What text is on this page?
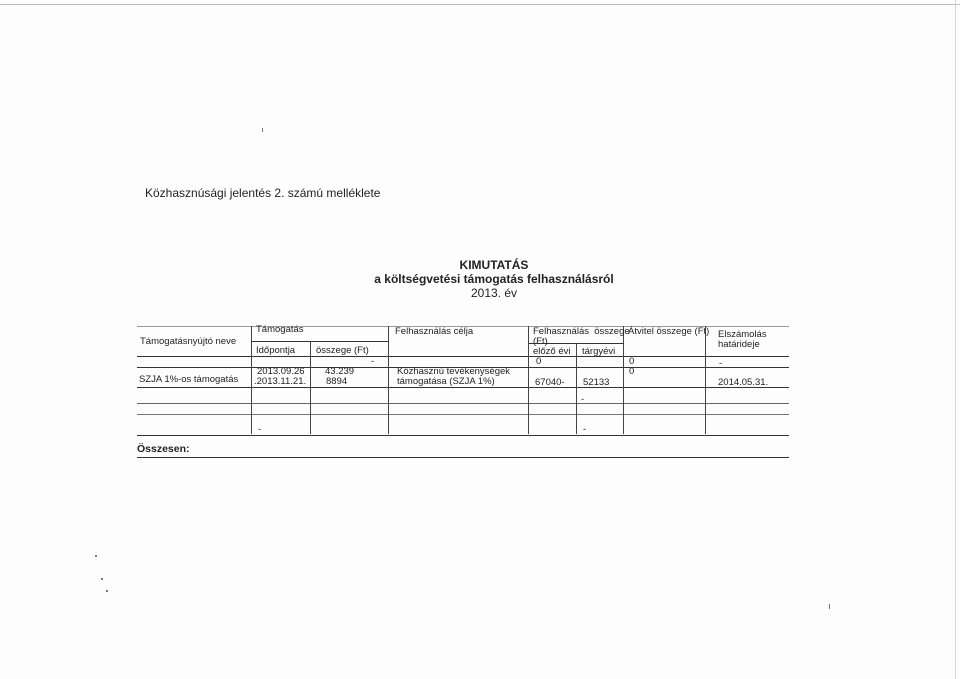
Közhasznúsági jelentés 2. számú melléklete
KIMUTATÁS
a költségvetési támogatás felhasználásról
2013. év
Támogatásnyújtó neve
Támogatás
Időpontja összege (Ft)
Felhasználás célja	Felhasználás  összege
(Ft)
előző évi tárgyévi
Átvitel összege (Ft) Elszámolás
határideje
-
SZJA 1%-os támogatás
2013.09.26
.2013.11.21.
43.239
8894
Közhasznú tevékenységek
támogatása (SZJA 1%)
0
67040- 52133
0
0
-
2014.05.31.
-
-	-
Összesen:
